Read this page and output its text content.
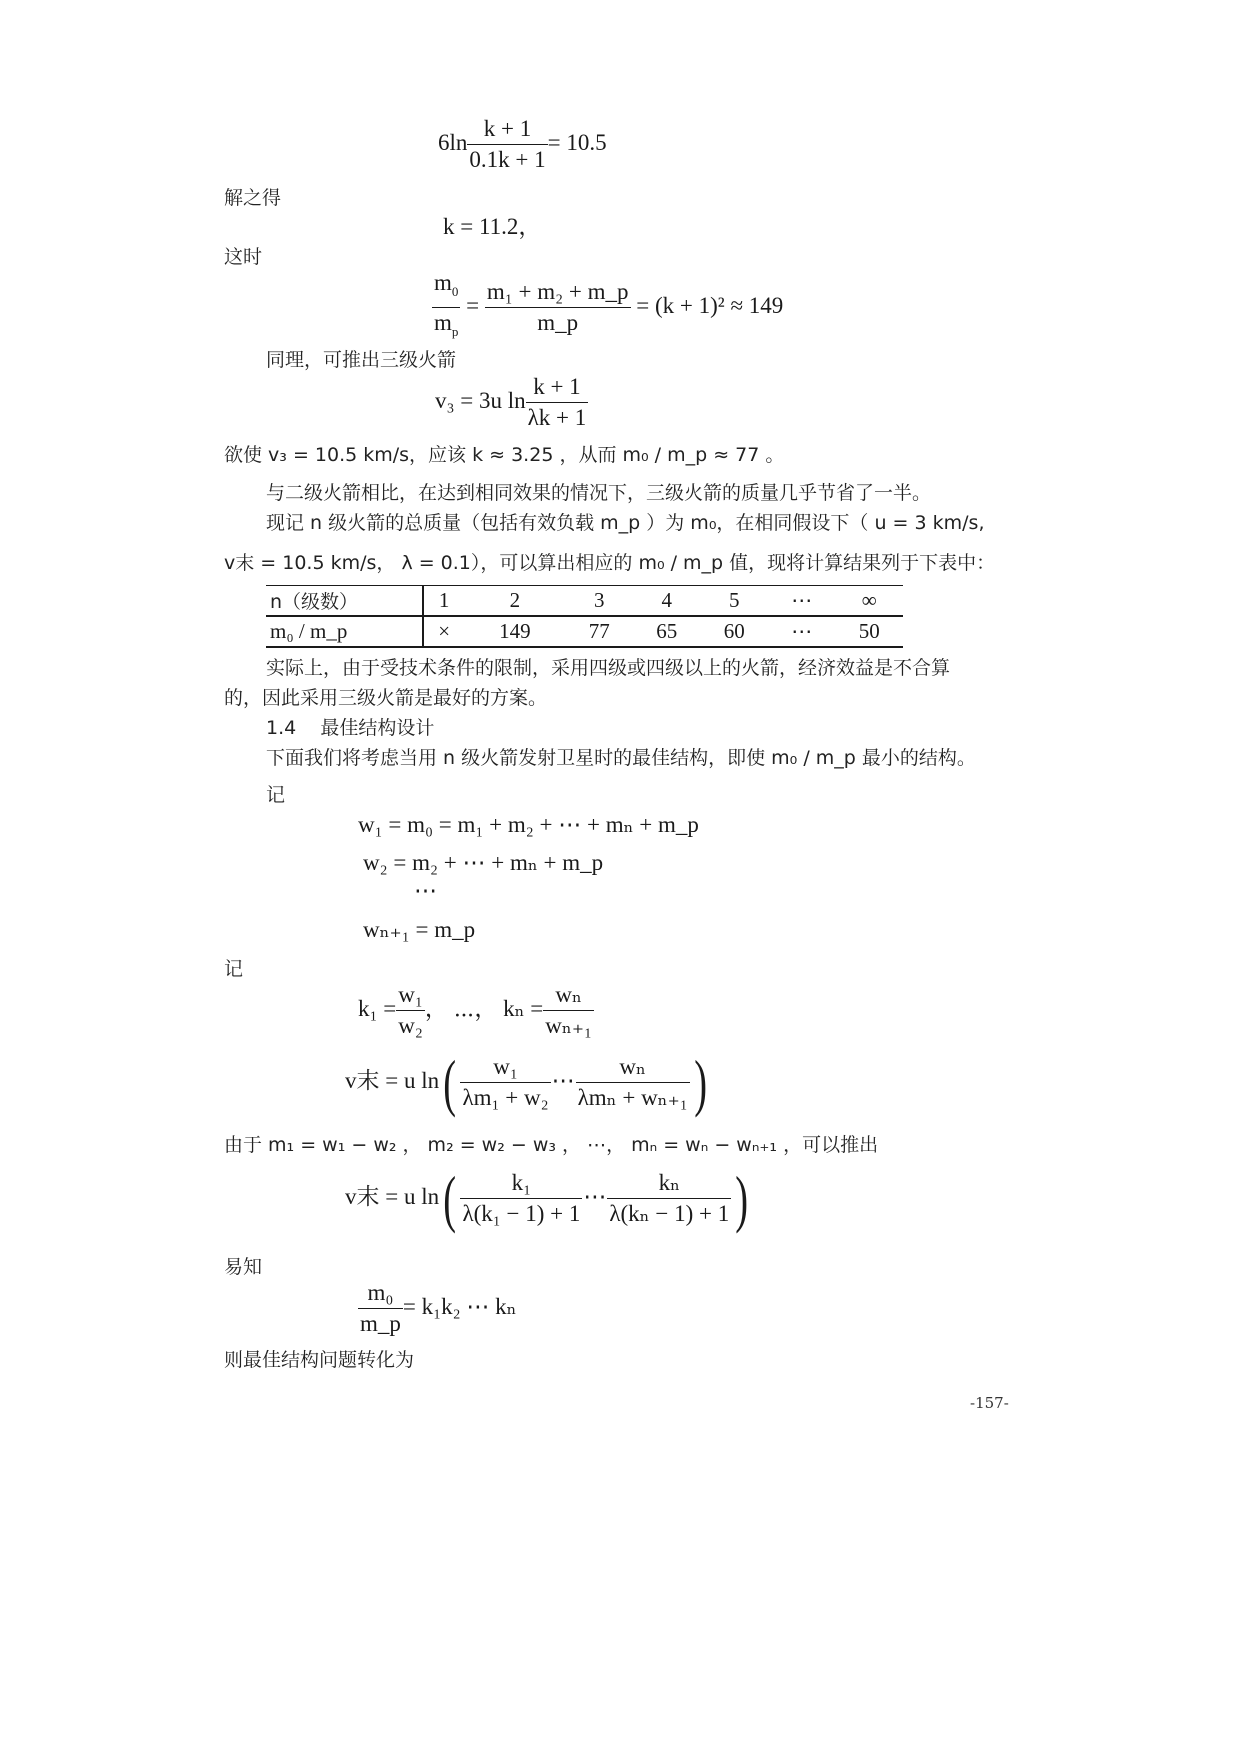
$6\ln \frac{k + 1}{0.1k + 1} = 10.5$
解之得
k = 11.2，
这时
$\frac{m_0}{m_p} = \frac{\text{m₁ + m₂ + m\_p}}{m\_p} = (k + 1)^2 \approx 149$
同理，可推出三级火箭
v₃ = 3u $\ln \frac{k + 1}{\lambda k + 1}$
欲使 v₃ = 10.5 km/s，应该 k ≈ 3.25 ，从而 m₀ / m_p ≈ 77 。
与二级火箭相比，在达到相同效果的情况下，三级火箭的质量几乎节省了一半。
现记 n 级火箭的总质量（包括有效负载 m_p ）为 m₀，在相同假设下（ u = 3 km/s,
v末 = 10.5 km/s， λ = 0.1），可以算出相应的 m₀ / m_p 值，现将计算结果列于下表中：
n（级数）	1	2	3	4	5	⋯	∞
m₀ / m_p	×	149	77	65	60	⋯	50
实际上，由于受技术条件的限制，采用四级或四级以上的火箭，经济效益是不合算
的，因此采用三级火箭是最好的方案。
1.4 最佳结构设计
下面我们将考虑当用 n 级火箭发射卫星时的最佳结构，即使 m₀ / m_p 最小的结构。
记
w₁ = m₀ = m₁ + m₂ + ⋯ + mₙ + m_p
w₂ = m₂ + ⋯ + mₙ + m_p
⋯
wₙ₊₁ = m_p
记
$k_1 = \frac{\text{w₁}}{\text{w₂}}$ ， ⋯， $k_n = \frac{\text{wₙ}}{\text{wₙ₊₁}}$
v末 = u $\ln( \frac{\text{w₁}}{\text{λm₁ + w₂}}$ ⋯ $\frac{\text{wₙ}}{\text{λmₙ + wₙ₊₁}}$ )
由于 m₁ = w₁ − w₂ ， m₂ = w₂ − w₃ ， ⋯， mₙ = wₙ − wₙ₊₁ ，可以推出
v末 = u $\ln( \frac{\text{k₁}}{\text{λ(k₁ − 1) + 1}}$ ⋯ $\frac{\text{kₙ}}{\text{λ(kₙ − 1) + 1}}$ )
易知
$\frac{\text{m₀}}{m\_p} = k_1k_2$ ⋯ kₙ
则最佳结构问题转化为
-157-
